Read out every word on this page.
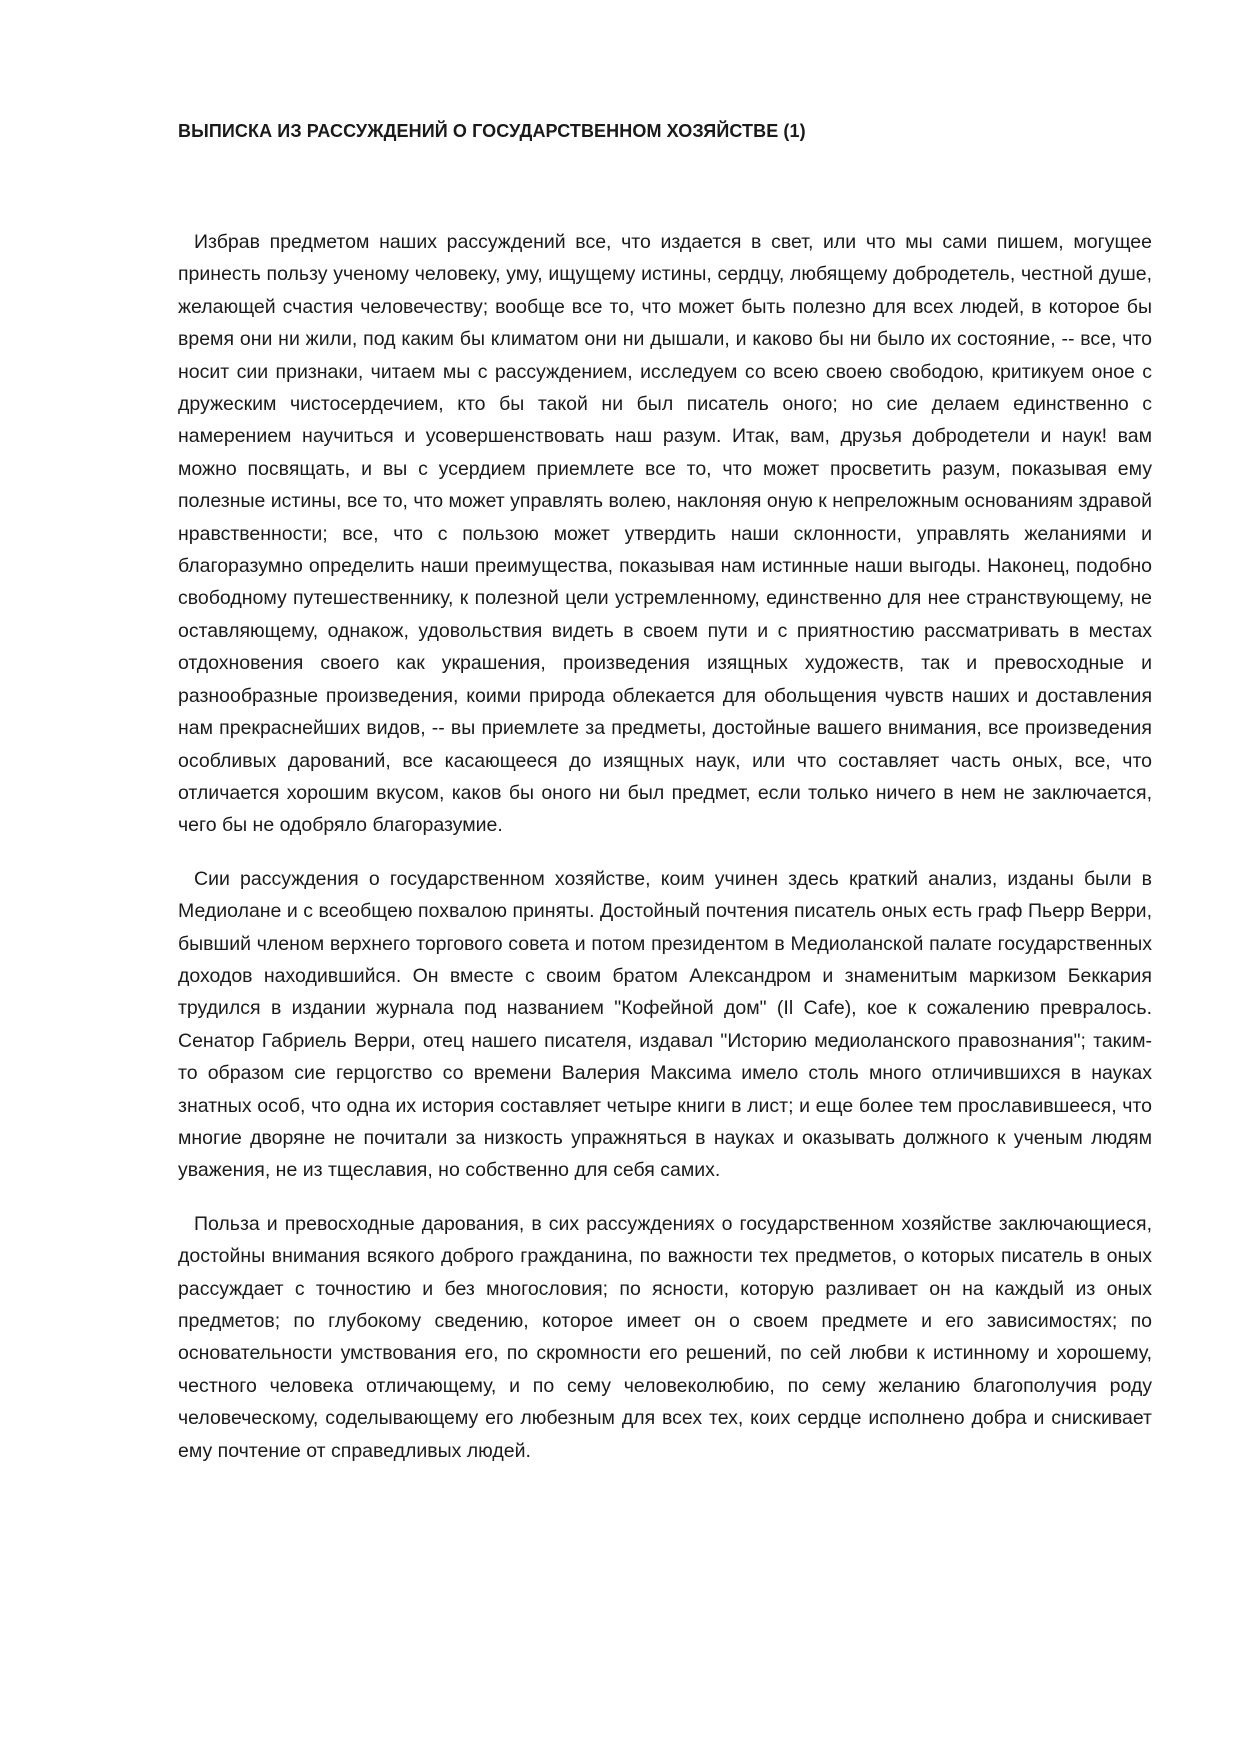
ВЫПИСКА ИЗ РАССУЖДЕНИЙ О ГОСУДАРСТВЕННОМ ХОЗЯЙСТВЕ (1)

Избрав предметом наших рассуждений все, что издается в свет, или что мы сами пишем, могущее принесть пользу ученому человеку, уму, ищущему истины, сердцу, любящему добродетель, честной душе, желающей счастия человечеству; вообще все то, что может быть полезно для всех людей, в которое бы время они ни жили, под каким бы климатом они ни дышали, и каково бы ни было их состояние, -- все, что носит сии признаки, читаем мы с рассуждением, исследуем со всею своею свободою, критикуем оное с дружеским чистосердечием, кто бы такой ни был писатель оного; но сие делаем единственно с намерением научиться и усовершенствовать наш разум. Итак, вам, друзья добродетели и наук! вам можно посвящать, и вы с усердием приемлете все то, что может просветить разум, показывая ему полезные истины, все то, что может управлять волею, наклоняя оную к непреложным основаниям здравой нравственности; все, что с пользою может утвердить наши склонности, управлять желаниями и благоразумно определить наши преимущества, показывая нам истинные наши выгоды. Наконец, подобно свободному путешественнику, к полезной цели устремленному, единственно для нее странствующему, не оставляющему, однакож, удовольствия видеть в своем пути и с приятностию рассматривать в местах отдохновения своего как украшения, произведения изящных художеств, так и превосходные и разнообразные произведения, коими природа облекается для обольщения чувств наших и доставления нам прекраснейших видов, -- вы приемлете за предметы, достойные вашего внимания, все произведения особливых дарований, все касающееся до изящных наук, или что составляет часть оных, все, что отличается хорошим вкусом, каков бы оного ни был предмет, если только ничего в нем не заключается, чего бы не одобряло благоразумие.

Сии рассуждения о государственном хозяйстве, коим учинен здесь краткий анализ, изданы были в Медиолане и с всеобщею похвалою приняты. Достойный почтения писатель оных есть граф Пьерр Верри, бывший членом верхнего торгового совета и потом президентом в Медиоланской палате государственных доходов находившийся. Он вместе с своим братом Александром и знаменитым маркизом Беккария трудился в издании журнала под названием "Кофейной дом" (Il Cafe), кое к сожалению превралось. Сенатор Габриель Верри, отец нашего писателя, издавал "Историю медиоланского правознания"; таким-то образом сие герцогство со времени Валерия Максима имело столь много отличившихся в науках знатных особ, что одна их история составляет четыре книги в лист; и еще более тем прославившееся, что многие дворяне не почитали за низкость упражняться в науках и оказывать должного к ученым людям уважения, не из тщеславия, но собственно для себя самих.

Польза и превосходные дарования, в сих рассуждениях о государственном хозяйстве заключающиеся, достойны внимания всякого доброго гражданина, по важности тех предметов, о которых писатель в оных рассуждает с точностию и без многословия; по ясности, которую разливает он на каждый из оных предметов; по глубокому сведению, которое имеет он о своем предмете и его зависимостях; по основательности умствования его, по скромности его решений, по сей любви к истинному и хорошему, честного человека отличающему, и по сему человеколюбию, по сему желанию благополучия роду человеческому, соделывающему его любезным для всех тех, коих сердце исполнено добра и снискивает ему почтение от справедливых людей.
